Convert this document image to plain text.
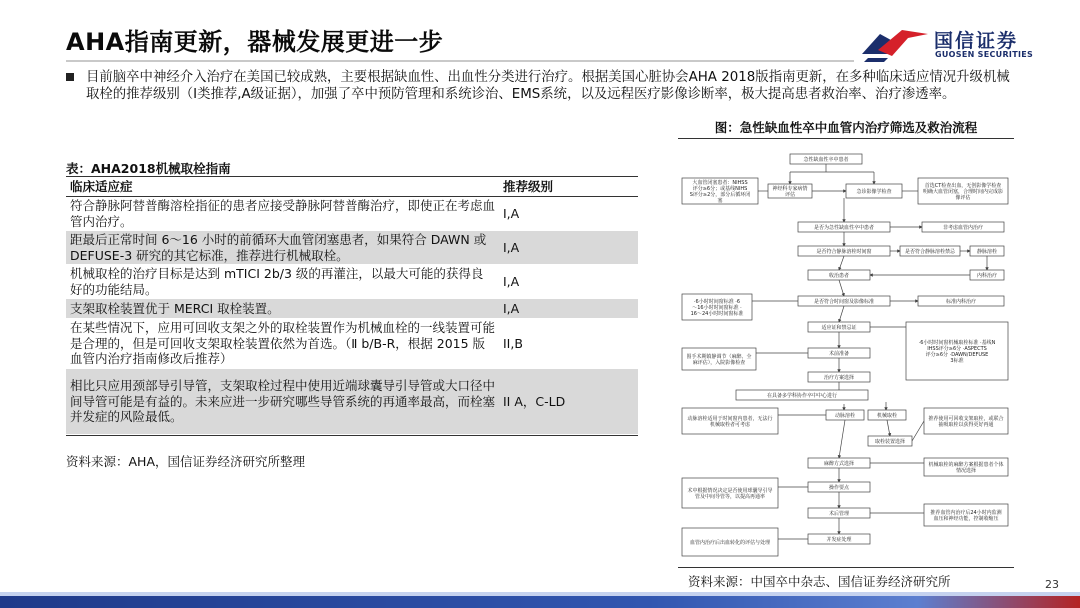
AHA指南更新，器械发展更进一步	国信证券
GUOSEN SECURITIES
目前脑卒中神经介入治疗在美国已较成熟，主要根据缺血性、出血性分类进行治疗。根据美国心脏协会AHA 2018版指南更新，在多种临床适应情况升级机械取栓的推荐级别（I类推荐,A级证据），加强了卒中预防管理和系统诊治、EMS系统，以及远程医疗影像诊断率，极大提高患者救治率、治疗渗透率。
表：AHA2018机械取栓指南
临床适应症	推荐级别
符合静脉阿替普酶溶栓指征的患者应接受静脉阿替普酶治疗，即使正在考虑血管内治疗。
I,A
距最后正常时间 6～16 小时的前循环大血管闭塞患者，如果符合 DAWN 或 DEFUSE-3 研究的其它标准，推荐进行机械取栓。
I,A
机械取栓的治疗目标是达到 mTICI 2b/3 级的再灌注，以最大可能的获得良好的功能结局。
I,A
支架取栓装置优于 MERCI 取栓装置。	I,A
在某些情况下，应用可回收支架之外的取栓装置作为机械血栓的一线装置可能是合理的，但是可回收支架取栓装置依然为首选。（Ⅱ b/B-R，根据 2015 版血管内治疗指南修改后推荐）
II,B
相比只应用颈部导引导管，支架取栓过程中使用近端球囊导引导管或大口径中间导管可能是有益的。未来应进一步研究哪些导管系统的再通率最高，而栓塞并发症的风险最低。
II A，C-LD
资料来源：AHA，国信证券经济研究所整理
图：急性缺血性卒中血管内治疗筛选及救治流程
急性缺血性卒中患者
大血管闭塞患者：NIHSS
评分≥6分；或基线NIHS
S评分≥2分，部分后循环闭
塞
神经科专家病情
评估	急诊影像学检查
首选CT检查出血，无创影像学检查
明确大血管闭塞，合理时间内完成影
像评估
是否为急性缺血性卒中患者	非考虑血管内治疗
是否符合静脉溶栓时间窗	是否符合静脉溶栓禁忌	静脉溶栓
收治患者	内科治疗
是否符合时间窗及影像标准	标准内科治疗
·6小时时间窗标准 ·6
～16小时时间窗标准 ·
16～24小时时间窗标准
适应证和禁忌证
·6小时时间窗机械取栓标准 ·基线N
IHSS评分≥6分 ·ASPECTS
评分≥6分 ·DAWN/DEFUSE
3标准
术前准备
围手术期镇静调节（麻醉、全
麻评估），入院影像检查
治疗方案选择
在具备多学科协作卒中中心进行
动脉溶栓适用于时间窗内患者，无法行
机械取栓者可考虑
动脉溶栓	机械取栓
取栓装置选择
推荐使用可回收支架取栓，或联合
抽吸取栓以获得更好再通
麻醉方式选择	机械取栓的麻醉方案根据患者个体
情况选择
操作要点
术中根据情况决定是否使用球囊导引导
管及中间导管等，以提高再通率
术后管理	推荐血管内治疗后24小时内监测
血压和神经功能，控制收缩压
血管内治疗后出血转化的评估与处理	并发症处理
资料来源：中国卒中杂志、国信证券经济研究所	23
